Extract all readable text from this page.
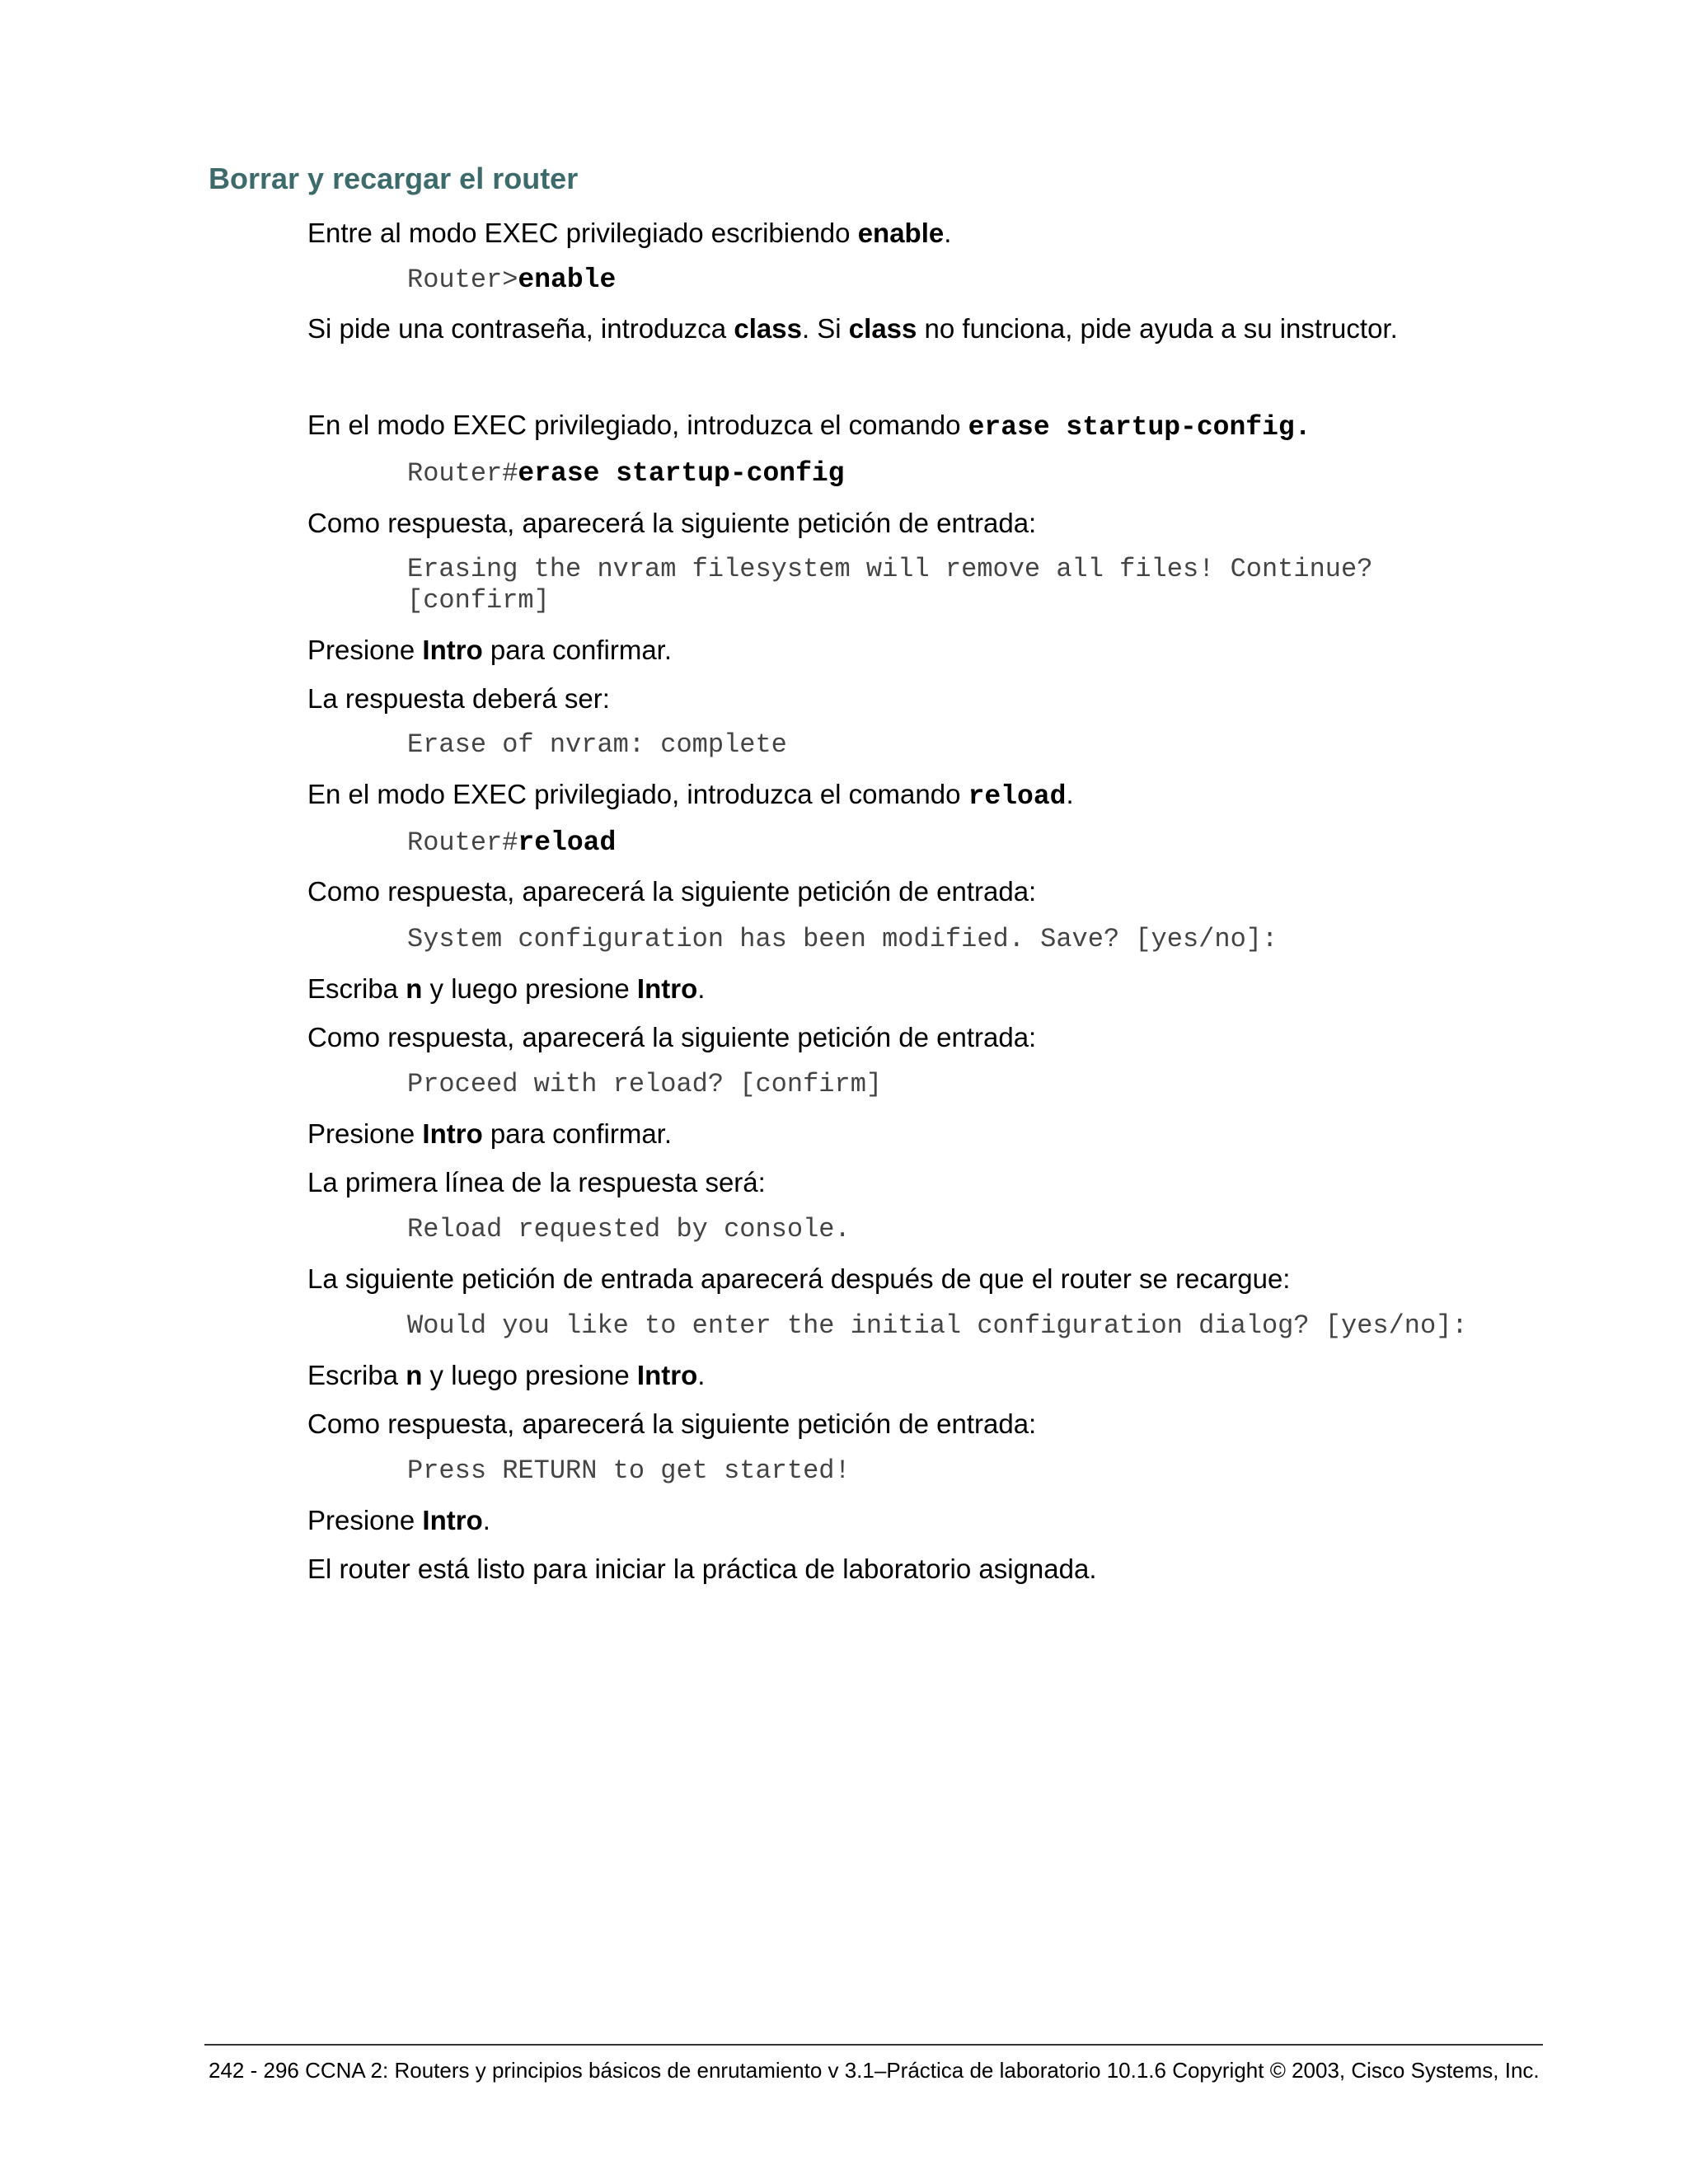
Borrar y recargar el router
Entre al modo EXEC privilegiado escribiendo enable.
Router>enable
Si pide una contraseña, introduzca class. Si class no funciona, pide ayuda a su instructor.
En el modo EXEC privilegiado, introduzca el comando erase startup-config.
Router#erase startup-config
Como respuesta, aparecerá la siguiente petición de entrada:
Erasing the nvram filesystem will remove all files! Continue?
[confirm]
Presione Intro para confirmar.
La respuesta deberá ser:
Erase of nvram: complete
En el modo EXEC privilegiado, introduzca el comando reload.
Router#reload
Como respuesta, aparecerá la siguiente petición de entrada:
System configuration has been modified. Save? [yes/no]:
Escriba n y luego presione Intro.
Como respuesta, aparecerá la siguiente petición de entrada:
Proceed with reload? [confirm]
Presione Intro para confirmar.
La primera línea de la respuesta será:
Reload requested by console.
La siguiente petición de entrada aparecerá después de que el router se recargue:
Would you like to enter the initial configuration dialog? [yes/no]:
Escriba n y luego presione Intro.
Como respuesta, aparecerá la siguiente petición de entrada:
Press RETURN to get started!
Presione Intro.
El router está listo para iniciar la práctica de laboratorio asignada.
242 - 296 CCNA 2: Routers y principios básicos de enrutamiento v 3.1–Práctica de laboratorio 10.1.6 Copyright © 2003, Cisco Systems, Inc.
